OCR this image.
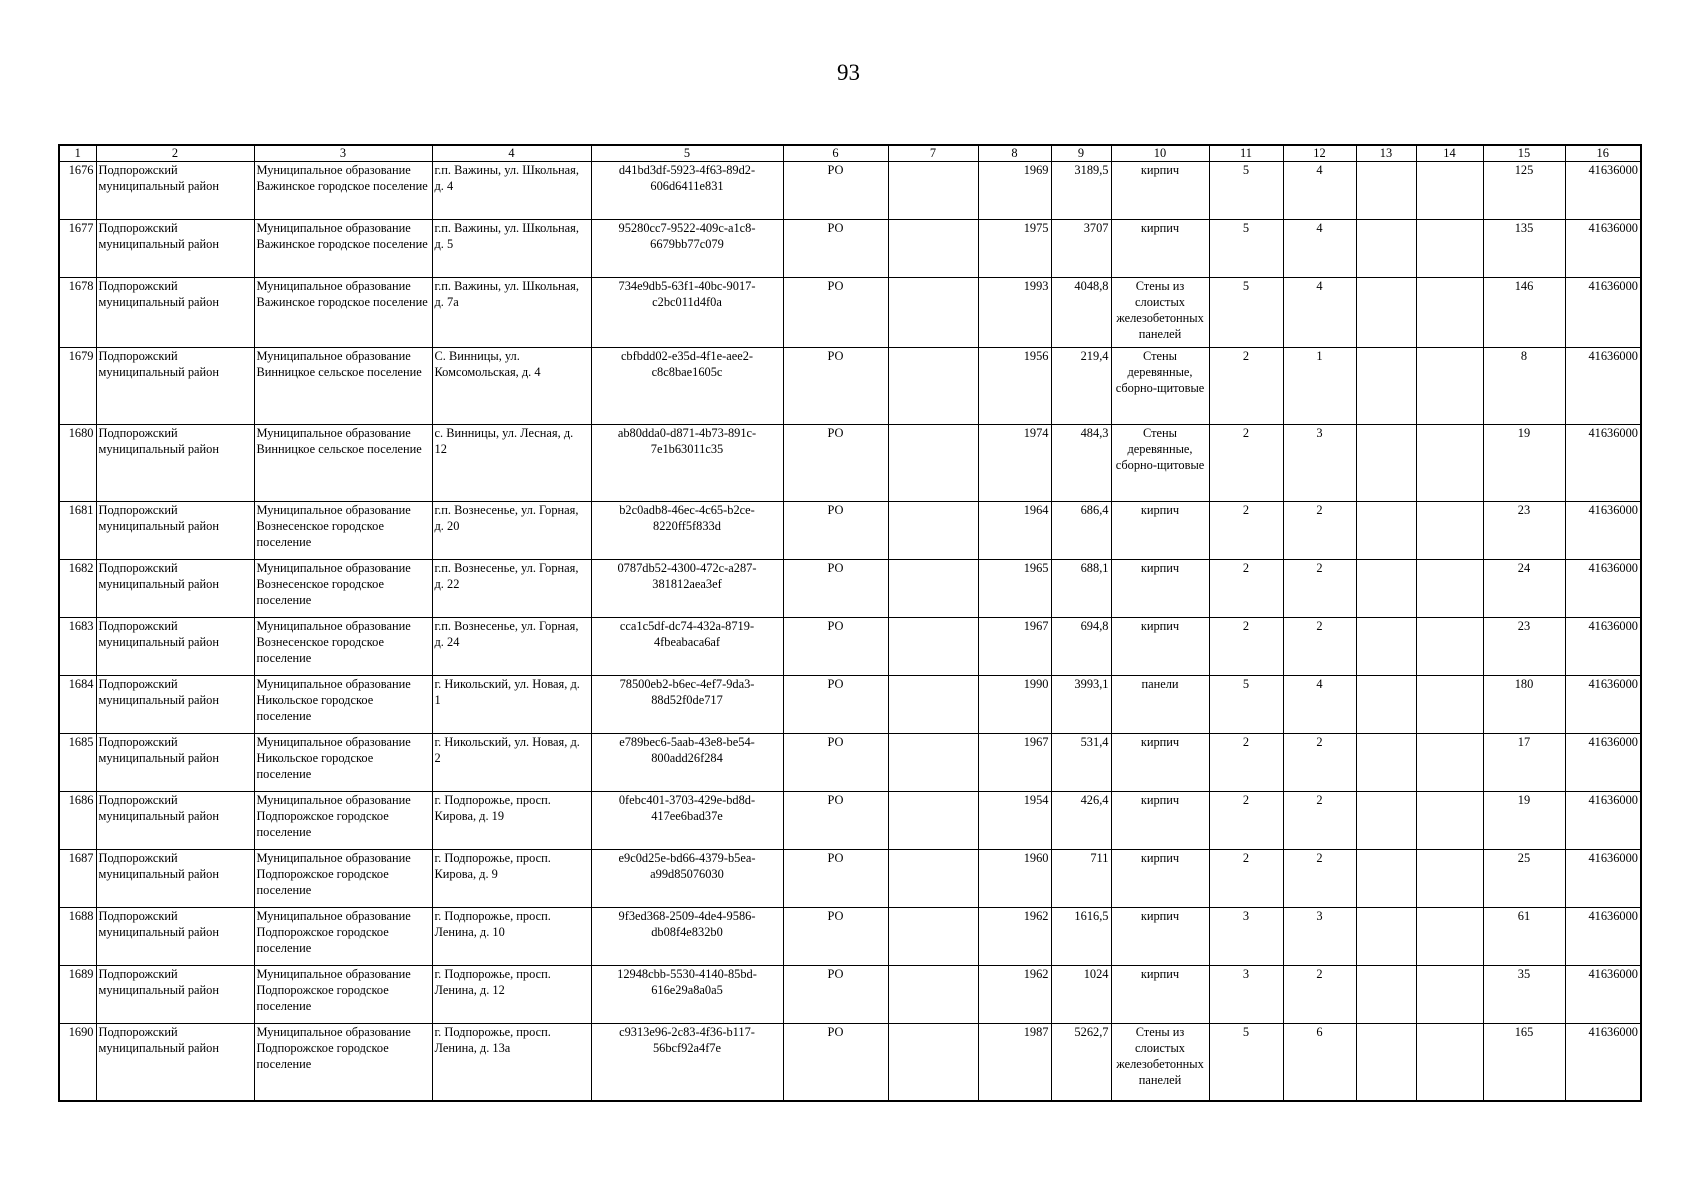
93
1	2	3	4	5	6	7	8	9	10	11	12	13	14	15	16
1676	Подпорожский муниципальный район	Муниципальное образование Важинское городское поселение	г.п. Важины, ул. Школьная, д. 4	d41bd3df-5923-4f63-89d2-606d6411e831	РО		1969	3189,5	кирпич	5	4			125	41636000
1677	Подпорожский муниципальный район	Муниципальное образование Важинское городское поселение	г.п. Важины, ул. Школьная, д. 5	95280cc7-9522-409c-a1c8-6679bb77c079	РО		1975	3707	кирпич	5	4			135	41636000
1678	Подпорожский муниципальный район	Муниципальное образование Важинское городское поселение	г.п. Важины, ул. Школьная, д. 7а	734e9db5-63f1-40bc-9017-c2bc011d4f0a	РО		1993	4048,8	Стены из слоистых железобетонных панелей	5	4			146	41636000
1679	Подпорожский муниципальный район	Муниципальное образование Винницкое сельское поселение	С. Винницы, ул. Комсомольская, д. 4	cbfbdd02-e35d-4f1e-aee2-c8c8bae1605c	РО		1956	219,4	Стены деревянные, сборно-щитовые	2	1			8	41636000
1680	Подпорожский муниципальный район	Муниципальное образование Винницкое сельское поселение	с. Винницы, ул. Лесная, д. 12	ab80dda0-d871-4b73-891c-7e1b63011c35	РО		1974	484,3	Стены деревянные, сборно-щитовые	2	3			19	41636000
1681	Подпорожский муниципальный район	Муниципальное образование Вознесенское городское поселение	г.п. Вознесенье, ул. Горная, д. 20	b2c0adb8-46ec-4c65-b2ce-8220ff5f833d	РО		1964	686,4	кирпич	2	2			23	41636000
1682	Подпорожский муниципальный район	Муниципальное образование Вознесенское городское поселение	г.п. Вознесенье, ул. Горная, д. 22	0787db52-4300-472c-a287-381812aea3ef	РО		1965	688,1	кирпич	2	2			24	41636000
1683	Подпорожский муниципальный район	Муниципальное образование Вознесенское городское поселение	г.п. Вознесенье, ул. Горная, д. 24	cca1c5df-dc74-432a-8719-4fbeabaca6af	РО		1967	694,8	кирпич	2	2			23	41636000
1684	Подпорожский муниципальный район	Муниципальное образование Никольское городское поселение	г. Никольский, ул. Новая, д. 1	78500eb2-b6ec-4ef7-9da3-88d52f0de717	РО		1990	3993,1	панели	5	4			180	41636000
1685	Подпорожский муниципальный район	Муниципальное образование Никольское городское поселение	г. Никольский, ул. Новая, д. 2	e789bec6-5aab-43e8-be54-800add26f284	РО		1967	531,4	кирпич	2	2			17	41636000
1686	Подпорожский муниципальный район	Муниципальное образование Подпорожское городское поселение	г. Подпорожье, просп. Кирова, д. 19	0febc401-3703-429e-bd8d-417ee6bad37e	РО		1954	426,4	кирпич	2	2			19	41636000
1687	Подпорожский муниципальный район	Муниципальное образование Подпорожское городское поселение	г. Подпорожье, просп. Кирова, д. 9	e9c0d25e-bd66-4379-b5ea-a99d85076030	РО		1960	711	кирпич	2	2			25	41636000
1688	Подпорожский муниципальный район	Муниципальное образование Подпорожское городское поселение	г. Подпорожье, просп. Ленина, д. 10	9f3ed368-2509-4de4-9586-db08f4e832b0	РО		1962	1616,5	кирпич	3	3			61	41636000
1689	Подпорожский муниципальный район	Муниципальное образование Подпорожское городское поселение	г. Подпорожье, просп. Ленина, д. 12	12948cbb-5530-4140-85bd-616e29a8a0a5	РО		1962	1024	кирпич	3	2			35	41636000
1690	Подпорожский муниципальный район	Муниципальное образование Подпорожское городское поселение	г. Подпорожье, просп. Ленина, д. 13а	c9313e96-2c83-4f36-b117-56bcf92a4f7e	РО		1987	5262,7	Стены из слоистых железобетонных панелей	5	6			165	41636000
